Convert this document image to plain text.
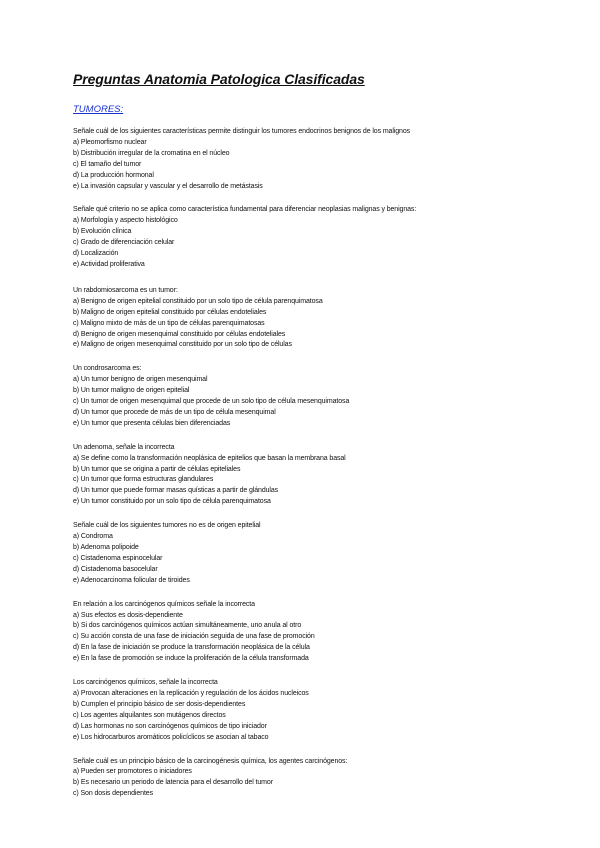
Preguntas Anatomia Patologica Clasificadas
TUMORES:
Señale cuál de los siguientes características permite distinguir los tumores endocrinos benignos de los malignos
a) Pleomorfismo nuclear
b) Distribución irregular de la cromatina en el núcleo
c) El tamaño del tumor
d) La producción hormonal
e) La invasión capsular y vascular y el desarrollo de metástasis
Señale qué criterio no se aplica como característica fundamental para diferenciar neoplasias malignas y benignas:
a) Morfología y aspecto histológico
b) Evolución clínica
c) Grado de diferenciación celular
d) Localización
e) Actividad proliferativa
Un rabdomiosarcoma es un tumor:
a) Benigno de origen epitelial constituido por un solo tipo de célula parenquimatosa
b) Maligno de origen epitelial constituido por células endoteliales
c) Maligno mixto de más de un tipo de células parenquimatosas
d) Benigno de origen mesenquimal constituido por células endoteliales
e) Maligno de origen mesenquimal constituido por un solo tipo de células
Un condrosarcoma es:
a) Un tumor benigno de origen mesenquimal
b) Un tumor maligno de origen epitelial
c) Un tumor de origen mesenquimal que procede de un solo tipo de célula mesenquimatosa
d) Un tumor que procede de más de un tipo de célula mesenquimal
e) Un tumor que presenta células bien diferenciadas
Un adenoma, señale la incorrecta
a) Se define como la transformación neoplásica de epitelios que basan la membrana basal
b) Un tumor que se origina a partir de células epiteliales
c) Un tumor que forma estructuras glandulares
d) Un tumor que puede formar masas quísticas a partir de glándulas
e) Un tumor constituido por un solo tipo de célula parenquimatosa
Señale cuál de los siguientes tumores no es de origen epitelial
a) Condroma
b) Adenoma polipoide
c) Cistadenoma espinocelular
d) Cistadenoma basocelular
e) Adenocarcinoma folicular de tiroides
En relación a los carcinógenos químicos señale la incorrecta
a) Sus efectos es dosis-dependiente
b) Si dos carcinógenos químicos actúan simultáneamente, uno anula al otro
c) Su acción consta de una fase de iniciación seguida de una fase de promoción
d) En la fase de iniciación se produce la transformación neoplásica de la célula
e) En la fase de promoción se induce la proliferación de la célula transformada
Los carcinógenos químicos, señale la incorrecta
a) Provocan alteraciones en la replicación y regulación de los ácidos nucleicos
b) Cumplen el principio básico de ser dosis-dependientes
c) Los agentes alquilantes son mutágenos directos
d) Las hormonas no son carcinógenos químicos de tipo iniciador
e) Los hidrocarburos aromáticos policíclicos se asocian al tabaco
Señale cuál es un principio básico de la carcinogénesis química, los agentes carcinógenos:
a) Pueden ser promotores o iniciadores
b) Es necesario un periodo de latencia para el desarrollo del tumor
c) Son dosis dependientes
